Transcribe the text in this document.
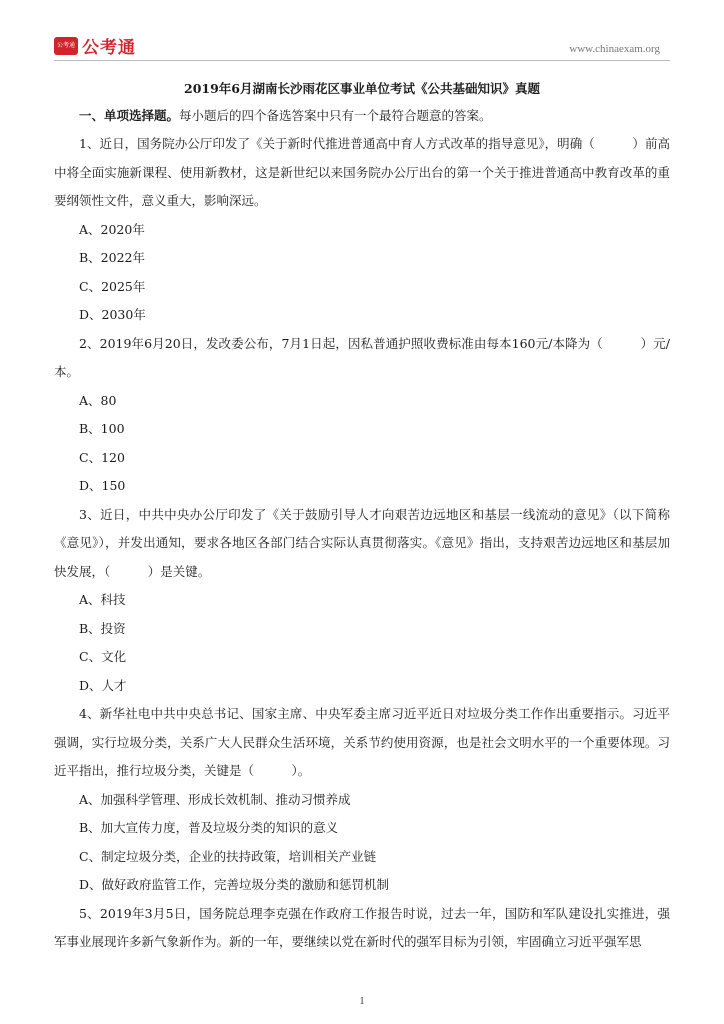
公考通 公考通	www.chinaexam.org

2019年6月湖南长沙雨花区事业单位考试《公共基础知识》真题

一、单项选择题。每小题后的四个备选答案中只有一个最符合题意的答案。

1、近日，国务院办公厅印发了《关于新时代推进普通高中育人方式改革的指导意见》，明确（　　　）前高中将全面实施新课程、使用新教材，这是新世纪以来国务院办公厅出台的第一个关于推进普通高中教育改革的重要纲领性文件，意义重大，影响深远。

A、2020年

B、2022年

C、2025年

D、2030年

2、2019年6月20日，发改委公布，7月1日起，因私普通护照收费标准由每本160元/本降为（　　　）元/本。

A、80

B、100

C、120

D、150

3、近日，中共中央办公厅印发了《关于鼓励引导人才向艰苦边远地区和基层一线流动的意见》（以下简称《意见》），并发出通知，要求各地区各部门结合实际认真贯彻落实。《意见》指出，支持艰苦边远地区和基层加快发展，（　　　）是关键。

A、科技

B、投资

C、文化

D、人才

4、新华社电中共中央总书记、国家主席、中央军委主席习近平近日对垃圾分类工作作出重要指示。习近平强调，实行垃圾分类，关系广大人民群众生活环境，关系节约使用资源，也是社会文明水平的一个重要体现。习近平指出，推行垃圾分类，关键是（　　　）。

A、加强科学管理、形成长效机制、推动习惯养成

B、加大宣传力度，普及垃圾分类的知识的意义

C、制定垃圾分类，企业的扶持政策，培训相关产业链

D、做好政府监管工作，完善垃圾分类的激励和惩罚机制

5、2019年3月5日，国务院总理李克强在作政府工作报告时说，过去一年，国防和军队建设扎实推进，强军事业展现许多新气象新作为。新的一年，要继续以党在新时代的强军目标为引领，牢固确立习近平强军思

1
